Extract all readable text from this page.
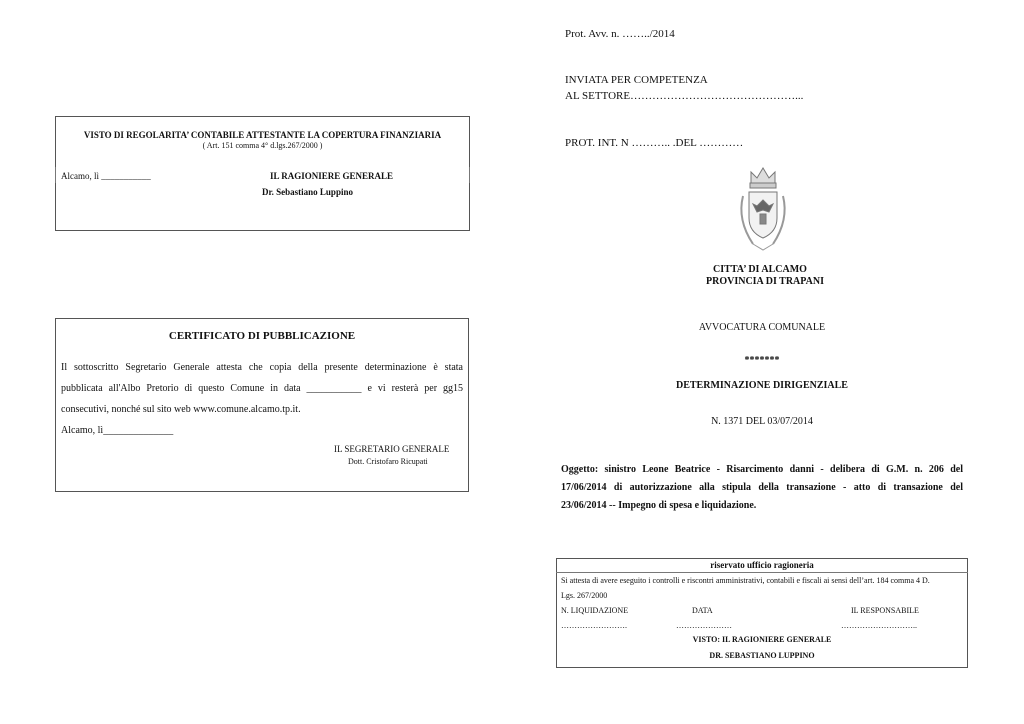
Prot. Avv. n. ……../2014
INVIATA PER COMPETENZA
AL SETTORE………………………………………...
PROT. INT. N ……….. .DEL …………
VISTO DI REGOLARITA’ CONTABILE ATTESTANTE LA COPERTURA FINANZIARIA
( Art. 151 comma 4° d.lgs.267/2000 )
Alcamo, lì ___________	IL RAGIONIERE GENERALE
Dr. Sebastiano Luppino
CERTIFICATO DI PUBBLICAZIONE
Il sottoscritto Segretario Generale attesta che copia della presente determinazione è stata
pubblicata all'Albo Pretorio di questo Comune in data ___________ e vi resterà per gg15
consecutivi, nonché sul sito web www.comune.alcamo.tp.it.
Alcamo, lì______________
IL SEGRETARIO GENERALE
Dott. Cristofaro Ricupati
CITTA’ DI ALCAMO
PROVINCIA DI TRAPANI
AVVOCATURA COMUNALE
*******
DETERMINAZIONE DIRIGENZIALE
N. 1371 DEL 03/07/2014
Oggetto: sinistro Leone Beatrice - Risarcimento danni - delibera di G.M. n. 206 del
17/06/2014 di autorizzazione alla stipula della transazione - atto di transazione del
23/06/2014 -- Impegno di spesa e liquidazione.
riservato ufficio ragioneria
Si attesta di avere eseguito i controlli e riscontri amministrativi, contabili e fiscali ai sensi dell’art. 184 comma 4 D.
Lgs. 267/2000
N. LIQUIDAZIONE	DATA	IL RESPONSABILE
…………………….	…………………	………………………..
VISTO: IL RAGIONIERE GENERALE
DR. SEBASTIANO LUPPINO
